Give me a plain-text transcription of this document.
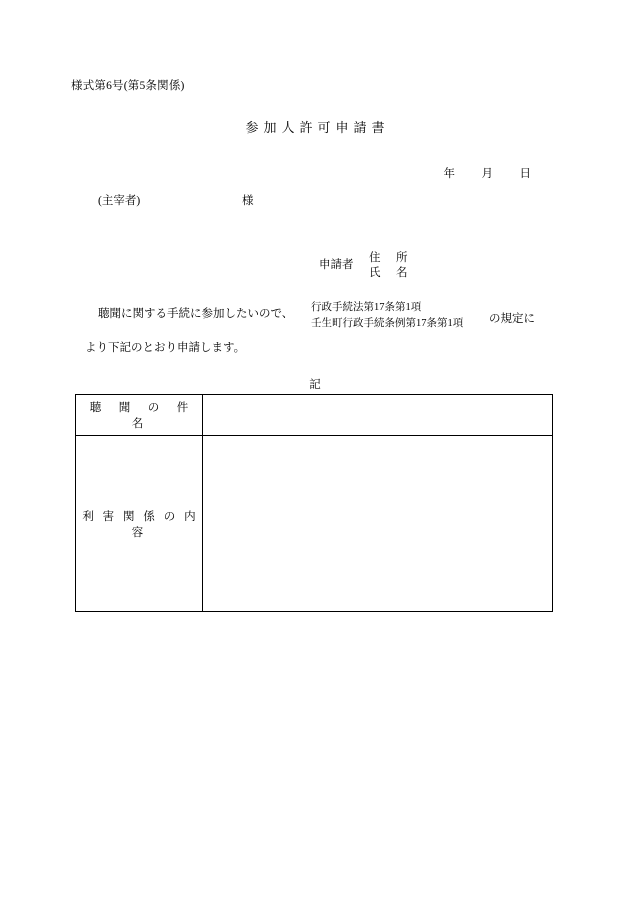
様式第6号(第5条関係)
参加人許可申請書

年 月 日

(主宰者)	様
申請者
住　所
氏　名
聴聞に関する手続に参加したいので、
行政手続法第17条第1項
壬生町行政手続条例第17条第1項 の規定に
より下記のとおり申請します。
記
聴　聞　の　件　名	
利 害 関 係 の 内 容	
